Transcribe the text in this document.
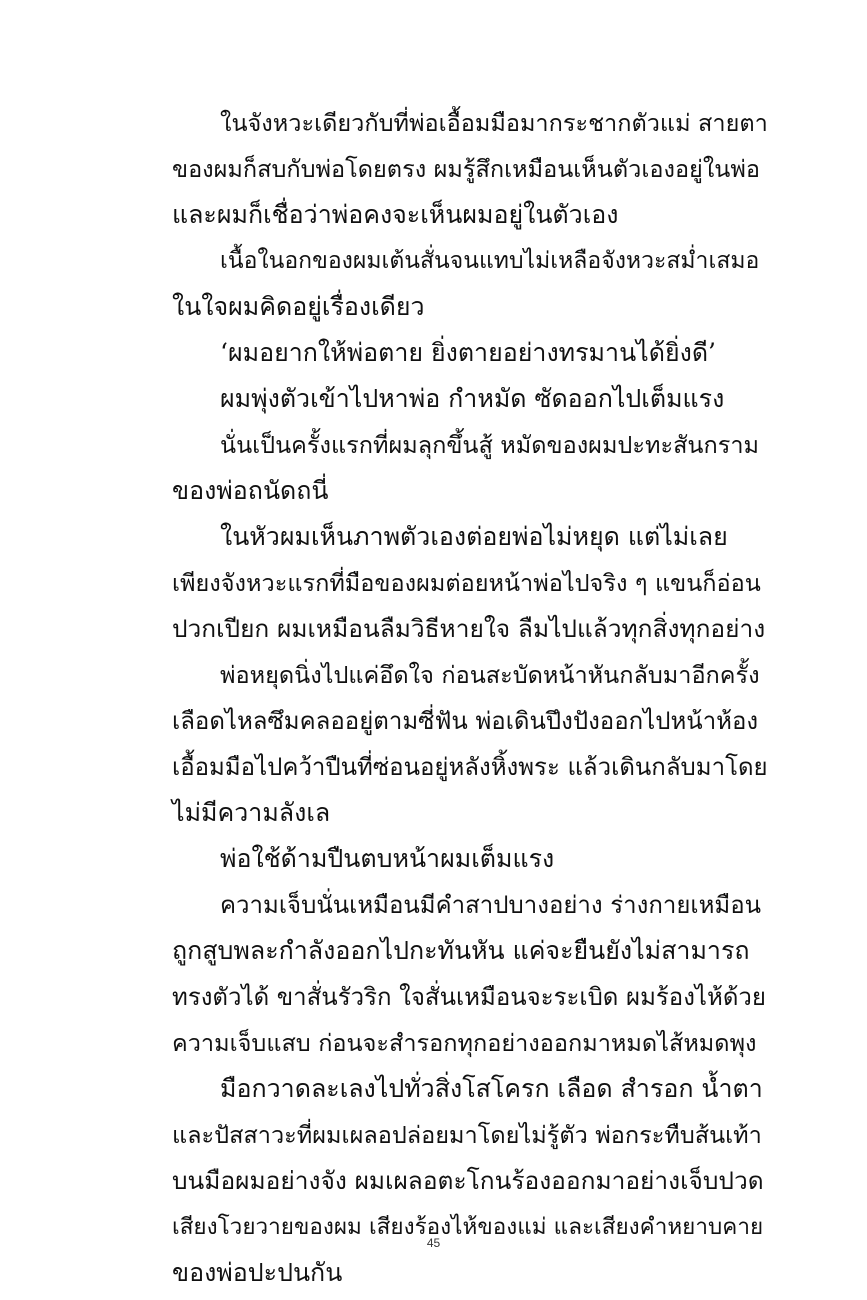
ในจังหวะเดียวกับที่พ่อเอื้อมมือมากระชากตัวแม่ สายตา
ของผมก็สบกับพ่อโดยตรง ผมรู้สึกเหมือนเห็นตัวเองอยู่ในพ่อ
และผมก็เชื่อว่าพ่อคงจะเห็นผมอยู่ในตัวเอง
เนื้อในอกของผมเต้นสั่นจนแทบไม่เหลือจังหวะสม่ำเสมอ
ในใจผมคิดอยู่เรื่องเดียว
‘ผมอยากให้พ่อตาย ยิ่งตายอย่างทรมานได้ยิ่งดี’
ผมพุ่งตัวเข้าไปหาพ่อ กำหมัด ซัดออกไปเต็มแรง
นั่นเป็นครั้งแรกที่ผมลุกขึ้นสู้ หมัดของผมปะทะสันกราม
ของพ่อถนัดถนี่
ในหัวผมเห็นภาพตัวเองต่อยพ่อไม่หยุด แต่ไม่เลย
เพียงจังหวะแรกที่มือของผมต่อยหน้าพ่อไปจริง ๆ แขนก็อ่อน
ปวกเปียก ผมเหมือนลืมวิธีหายใจ ลืมไปแล้วทุกสิ่งทุกอย่าง
พ่อหยุดนิ่งไปแค่อึดใจ ก่อนสะบัดหน้าหันกลับมาอีกครั้ง
เลือดไหลซึมคลออยู่ตามซี่ฟัน พ่อเดินปึงปังออกไปหน้าห้อง
เอื้อมมือไปคว้าปืนที่ซ่อนอยู่หลังหิ้งพระ แล้วเดินกลับมาโดย
ไม่มีความลังเล
พ่อใช้ด้ามปืนตบหน้าผมเต็มแรง
ความเจ็บนั่นเหมือนมีคำสาปบางอย่าง ร่างกายเหมือน
ถูกสูบพละกำลังออกไปกะทันหัน แค่จะยืนยังไม่สามารถ
ทรงตัวได้ ขาสั่นรัวริก ใจสั่นเหมือนจะระเบิด ผมร้องไห้ด้วย
ความเจ็บแสบ ก่อนจะสำรอกทุกอย่างออกมาหมดไส้หมดพุง
มือกวาดละเลงไปทั่วสิ่งโสโครก เลือด สำรอก น้ำตา
และปัสสาวะที่ผมเผลอปล่อยมาโดยไม่รู้ตัว พ่อกระทืบส้นเท้า
บนมือผมอย่างจัง ผมเผลอตะโกนร้องออกมาอย่างเจ็บปวด
เสียงโวยวายของผม เสียงร้องไห้ของแม่ และเสียงคำหยาบคาย
ของพ่อปะปนกัน
45
